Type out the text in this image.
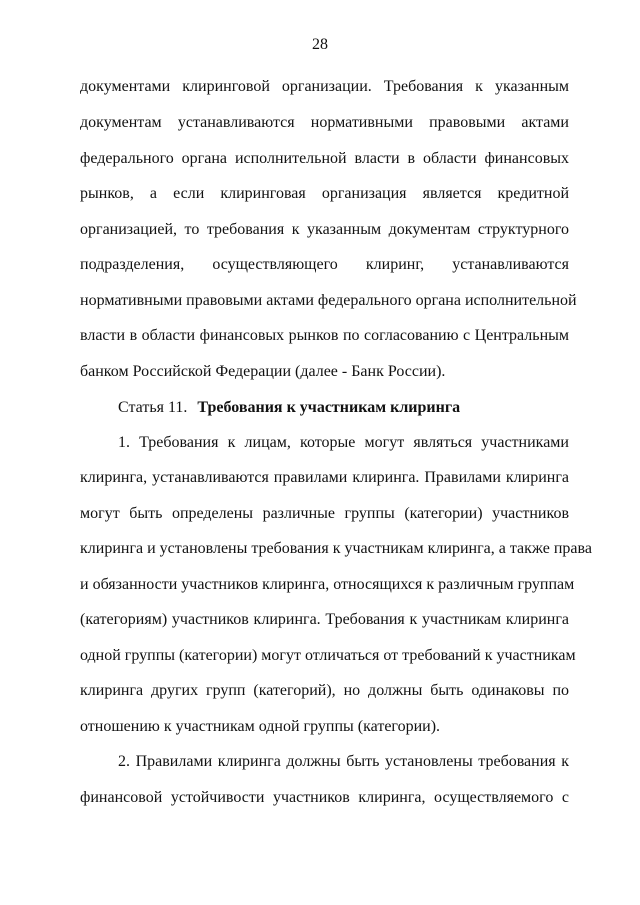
28
документами клиринговой организации. Требования к указанным
документам устанавливаются нормативными правовыми актами
федерального органа исполнительной власти в области финансовых
рынков, а если клиринговая организация является кредитной
организацией, то требования к указанным документам структурного
подразделения, осуществляющего клиринг, устанавливаются
нормативными правовыми актами федерального органа исполнительной
власти в области финансовых рынков по согласованию с Центральным
банком Российской Федерации (далее - Банк России).
Статья 11. Требования к участникам клиринга
1. Требования к лицам, которые могут являться участниками
клиринга, устанавливаются правилами клиринга. Правилами клиринга
могут быть определены различные группы (категории) участников
клиринга и установлены требования к участникам клиринга, а также права
и обязанности участников клиринга, относящихся к различным группам
(категориям) участников клиринга. Требования к участникам клиринга
одной группы (категории) могут отличаться от требований к участникам
клиринга других групп (категорий), но должны быть одинаковы по
отношению к участникам одной группы (категории).
2. Правилами клиринга должны быть установлены требования к
финансовой устойчивости участников клиринга, осуществляемого с
